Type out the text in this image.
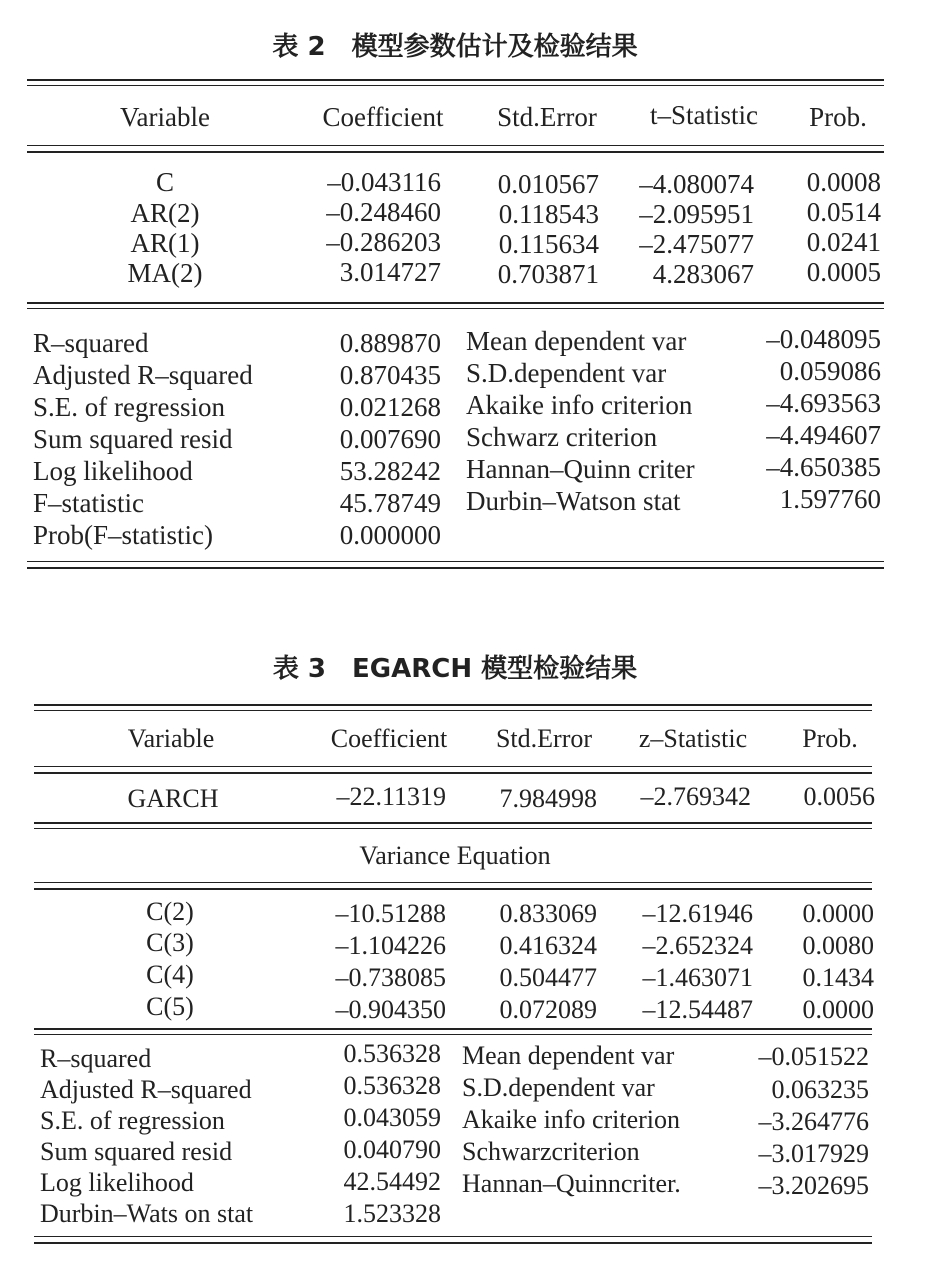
表 2　模型参数估计及检验结果
Variable	Coefficient Std.Error t–Statistic Prob.
C	–0.043116 0.010567 –4.080074 0.0008
AR(2)	–0.248460 0.118543 –2.095951 0.0514
AR(1)	–0.286203 0.115634 –2.475077 0.0241
MA(2)	3.014727 0.703871 4.283067 0.0005
R–squared	0.889870
Adjusted R–squared	0.870435
S.E. of regression	0.021268
Sum squared resid	0.007690
Log likelihood	53.28242
F–statistic	45.78749
Prob(F–statistic)	0.000000
Mean dependent var	–0.048095
S.D.dependent var	0.059086
Akaike info criterion	–4.693563
Schwarz criterion	–4.494607
Hannan–Quinn criter	–4.650385
Durbin–Watson stat	1.597760
表 3　EGARCH 模型检验结果
Variable	Coefficient Std.Error z–Statistic Prob.
GARCH	–22.11319 7.984998 –2.769342 0.0056
Variance Equation
C(2)	–10.51288 0.833069 –12.61946 0.0000
C(3)	–1.104226 0.416324 –2.652324 0.0080
C(4)	–0.738085 0.504477 –1.463071 0.1434
C(5)	–0.904350 0.072089 –12.54487 0.0000
R–squared	0.536328
Adjusted R–squared	0.536328
S.E. of regression	0.043059
Sum squared resid	0.040790
Log likelihood	42.54492
Durbin–Wats on stat	1.523328
Mean dependent var	–0.051522
S.D.dependent var	0.063235
Akaike info criterion	–3.264776
Schwarzcriterion	–3.017929
Hannan–Quinncriter.	–3.202695
